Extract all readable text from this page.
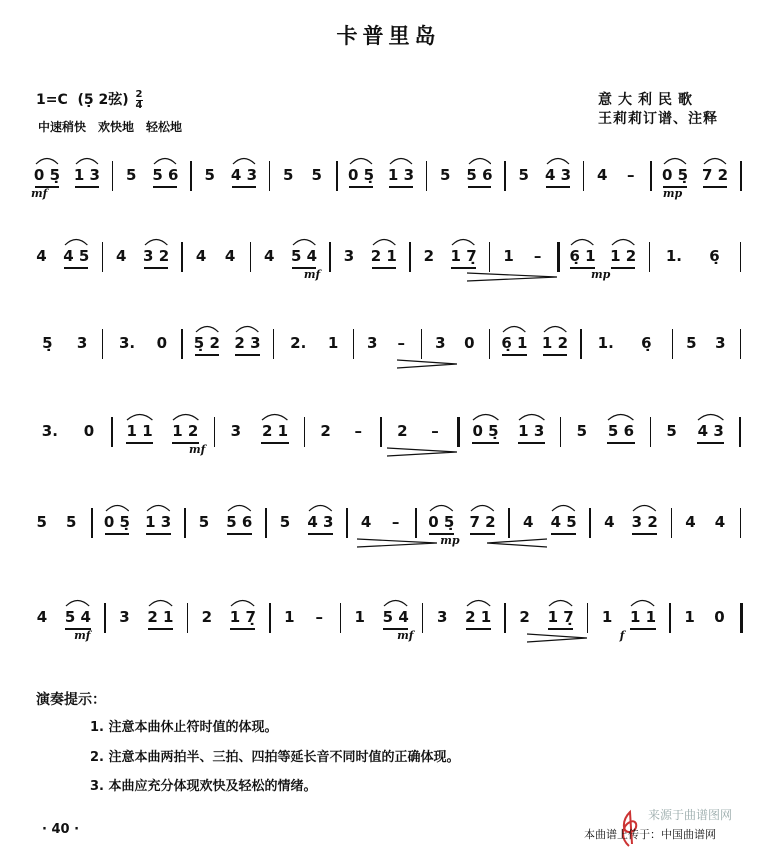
卡普里岛
1=C (5̣ 2弦) $\frac{2}{4}$
中速稍快　欢快地　轻松地
意大利民歌
王莉莉订谱、注释
0 5̣ 1 3	5	5 6	5	4 3	5	5	0 5̣ 1 3	5	5 6	5	4 3	4	–	0 5̣ 7 2
mf	mp
4	4 5	4	3 2	4	4	4	5 4	3	2 1	2	1 7̣	1	–	6̣ 1 1 2	1.	6̣
mf	mp
5̣	3	3.	0	5̣ 2 2 3	2.	1	3	–	3	0	6̣ 1 1 2	1.	6̣	5	3
3.	0	1 1	1 2	3	2 1	2	–	2	–	0 5̣	1 3	5	5 6	5	4 3
mf
5	5	0 5̣	1 3	5	5 6	5	4 3	4	–	0 5̣	7 2	4	4 5	4	3 2	4	4
mp
4	5 4	3	2 1	2	1 7̣	1	–	1	5 4	3	2 1	2	1 7̣	1	1 1	1	0
mf	mf	f
演奏提示：
1. 注意本曲休止符时值的体现。
2. 注意本曲两拍半、三拍、四拍等延长音不同时值的正确体现。
3. 本曲应充分体现欢快及轻松的情绪。
· 40 ·
来源于曲谱图网
本曲谱上传于：中国曲谱网
